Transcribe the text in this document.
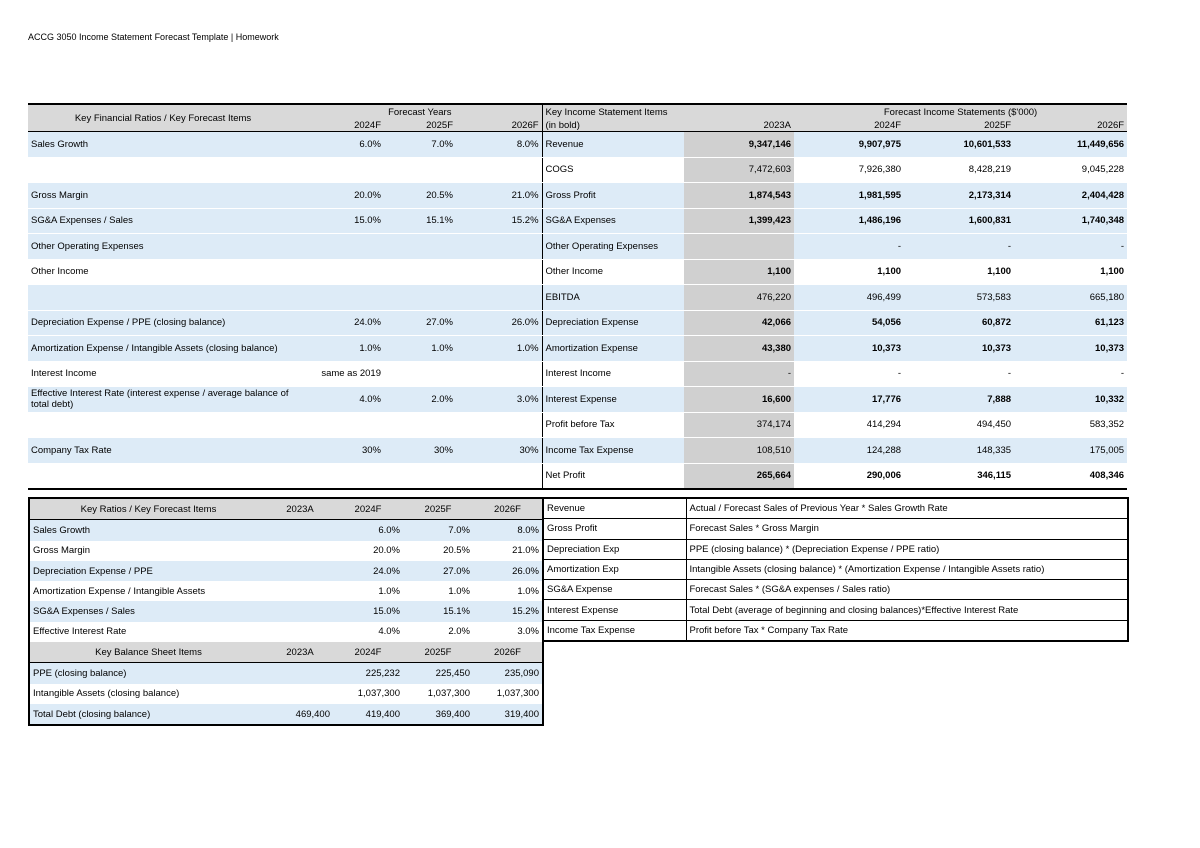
ACCG 3050 Income Statement Forecast Template | Homework
Key Financial Ratios / Key Forecast Items	Forecast Years			Key Income Statement Items		Forecast Income Statements ($'000)		
	2024F	2025F	2026F	(in bold)	2023A	2024F	2025F	2026F
Sales Growth	6.0%	7.0%	8.0%	Revenue	9,347,146	9,907,975	10,601,533	11,449,656
				COGS	7,472,603	7,926,380	8,428,219	9,045,228
Gross Margin	20.0%	20.5%	21.0%	Gross Profit	1,874,543	1,981,595	2,173,314	2,404,428
SG&A Expenses / Sales	15.0%	15.1%	15.2%	SG&A Expenses	1,399,423	1,486,196	1,600,831	1,740,348
Other Operating Expenses				Other Operating Expenses		-	-	-
Other Income				Other Income	1,100	1,100	1,100	1,100
				EBITDA	476,220	496,499	573,583	665,180
Depreciation Expense / PPE (closing balance)	24.0%	27.0%	26.0%	Depreciation Expense	42,066	54,056	60,872	61,123
Amortization Expense / Intangible Assets (closing balance)	1.0%	1.0%	1.0%	Amortization Expense	43,380	10,373	10,373	10,373
Interest Income	same as 2019			Interest Income	-	-	-	-
Effective Interest Rate (interest expense / average balance of total debt)	4.0%	2.0%	3.0%	Interest Expense	16,600	17,776	7,888	10,332
				Profit before Tax	374,174	414,294	494,450	583,352
Company Tax Rate	30%	30%	30%	Income Tax Expense	108,510	124,288	148,335	175,005
				Net Profit	265,664	290,006	346,115	408,346
Key Ratios / Key Forecast Items	2023A	2024F	2025F	2026F
Sales Growth		6.0%	7.0%	8.0%
Gross Margin		20.0%	20.5%	21.0%
Depreciation Expense / PPE		24.0%	27.0%	26.0%
Amortization Expense / Intangible Assets		1.0%	1.0%	1.0%
SG&A Expenses / Sales		15.0%	15.1%	15.2%
Effective Interest Rate		4.0%	2.0%	3.0%
Key Balance Sheet Items	2023A	2024F	2025F	2026F
PPE (closing balance)		225,232	225,450	235,090
Intangible Assets (closing balance)		1,037,300	1,037,300	1,037,300
Total Debt (closing balance)	469,400	419,400	369,400	319,400
Revenue	Actual / Forecast Sales of Previous Year * Sales Growth Rate
Gross Profit	Forecast Sales * Gross Margin
Depreciation Exp	PPE (closing balance) * (Depreciation Expense / PPE ratio)
Amortization Exp	Intangible Assets (closing balance) * (Amortization Expense / Intangible Assets ratio)
SG&A Expense	Forecast Sales * (SG&A expenses / Sales ratio)
Interest Expense	Total Debt (average of beginning and closing balances)*Effective Interest Rate
Income Tax Expense	Profit before Tax * Company Tax Rate
